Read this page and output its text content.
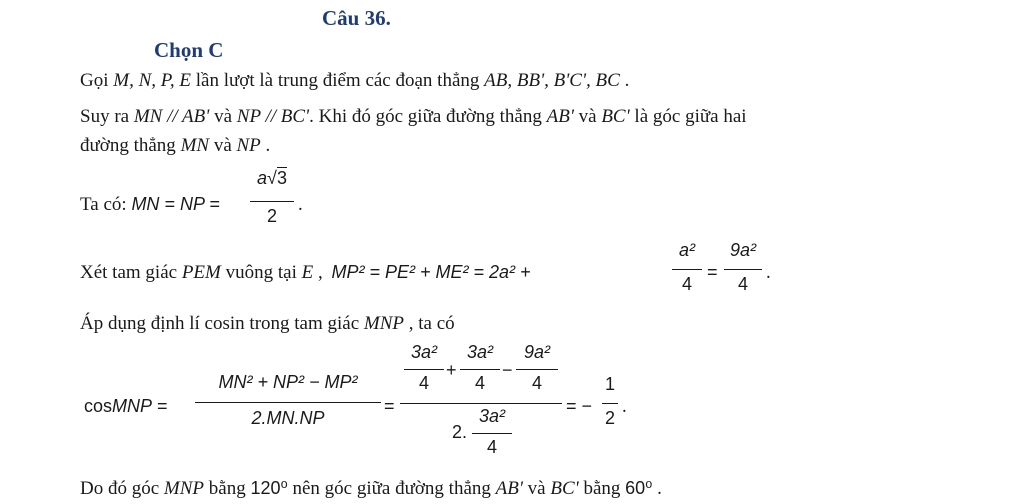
Câu 36.
Chọn C
Gọi M, N, P, E lần lượt là trung điểm các đoạn thẳng AB, BB', B'C', BC .
Suy ra MN // AB' và NP // BC'. Khi đó góc giữa đường thẳng AB' và BC' là góc giữa hai
đường thẳng MN và NP .
Ta có: MN = NP =
a√3
2
.
Xét tam giác PEM vuông tại E , MP² = PE² + ME² = 2a² +
a²
4
=
9a²
4
.
Áp dụng định lí cosin trong tam giác MNP , ta có
cosMNP =
MN² + NP² − MP²
2.MN.NP
=
3a²
4
+
3a²
4
−
9a²
4
2.
3a²
4
= −
1
2
.
Do đó góc MNP bằng 120⁰ nên góc giữa đường thẳng AB' và BC' bằng 60⁰ .
